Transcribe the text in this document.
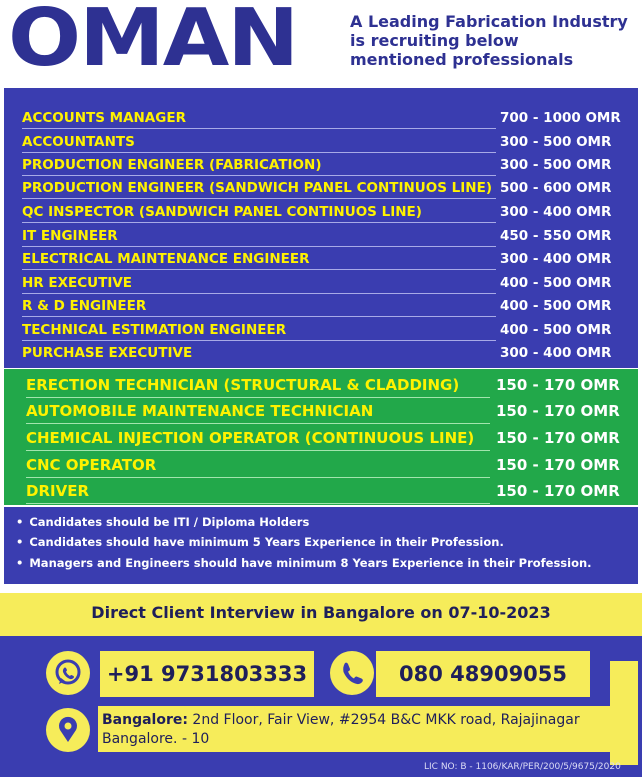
OMAN	A Leading Fabrication Industry
is recruiting below
mentioned professionals
ACCOUNTS MANAGER	700 - 1000 OMR
ACCOUNTANTS	300 - 500 OMR
PRODUCTION ENGINEER (FABRICATION)	300 - 500 OMR
PRODUCTION ENGINEER (SANDWICH PANEL CONTINUOS LINE) 500 - 600 OMR
QC INSPECTOR (SANDWICH PANEL CONTINUOS LINE)	300 - 400 OMR
IT ENGINEER	450 - 550 OMR
ELECTRICAL MAINTENANCE ENGINEER	300 - 400 OMR
HR EXECUTIVE	400 - 500 OMR
R & D ENGINEER	400 - 500 OMR
TECHNICAL ESTIMATION ENGINEER	400 - 500 OMR
PURCHASE EXECUTIVE	300 - 400 OMR
ERECTION TECHNICIAN (STRUCTURAL & CLADDING) 150 - 170 OMR
AUTOMOBILE MAINTENANCE TECHNICIAN	150 - 170 OMR
CHEMICAL INJECTION OPERATOR (CONTINUOUS LINE) 150 - 170 OMR
CNC OPERATOR	150 - 170 OMR
DRIVER	150 - 170 OMR
• Candidates should be ITI / Diploma Holders
• Candidates should have minimum 5 Years Experience in their Profession.
• Managers and Engineers should have minimum 8 Years Experience in their Profession.
Direct Client Interview in Bangalore on 07-10-2023
+91 9731803333	080 48909055
Bangalore: 2nd Floor, Fair View, #2954 B&C MKK road, Rajajinagar
Bangalore. - 10
LIC NO: B - 1106/KAR/PER/200/5/9675/2020
